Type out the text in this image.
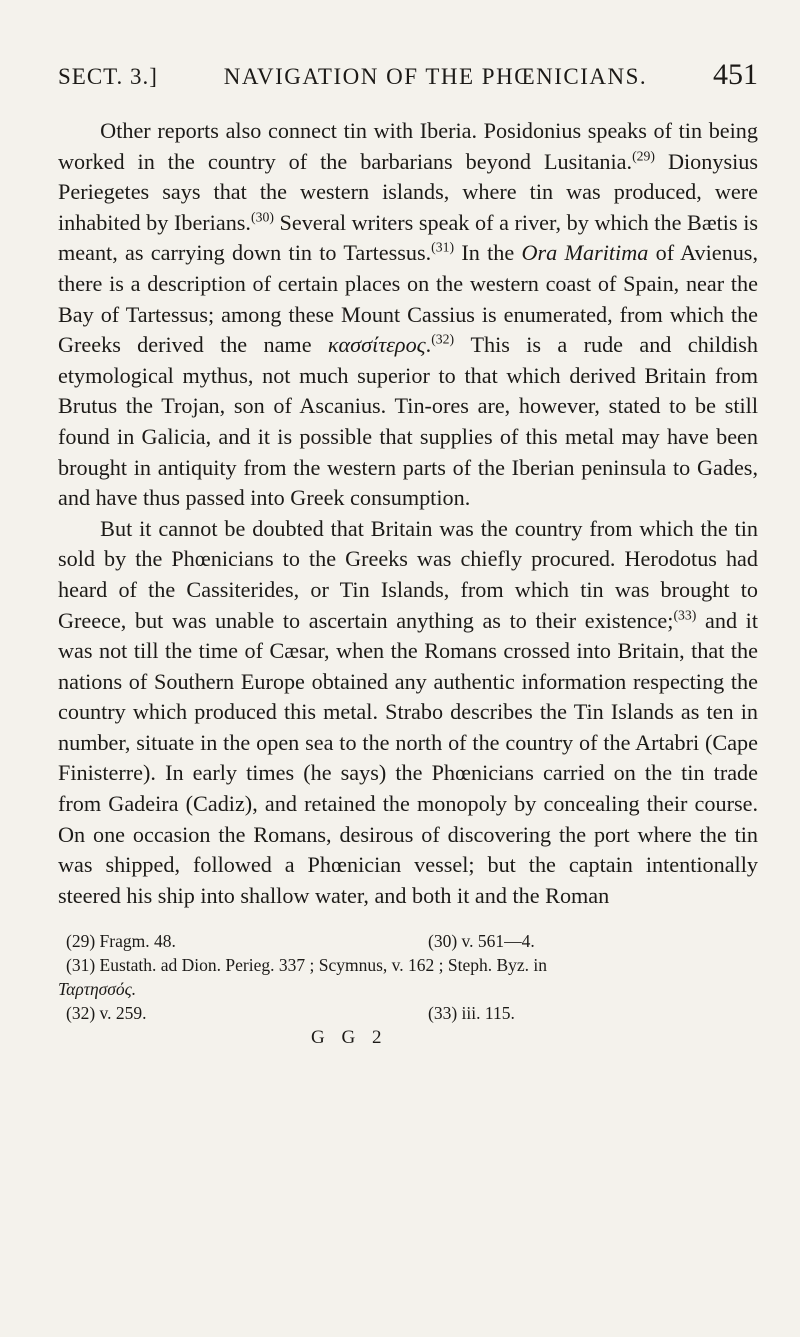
SECT. 3.]	NAVIGATION OF THE PHŒNICIANS. 451

Other reports also connect tin with Iberia. Posidonius speaks of tin being worked in the country of the barbarians beyond Lusitania.$^{(29)}$ Dionysius Periegetes says that the western islands, where tin was produced, were inhabited by Iberians.$^{(30)}$ Several writers speak of a river, by which the Bætis is meant, as carrying down tin to Tartessus.$^{(31)}$ In the Ora Maritima of Avienus, there is a description of certain places on the western coast of Spain, near the Bay of Tartessus; among these Mount Cassius is enumerated, from which the Greeks derived the name κασσίτερος.$^{(32)}$ This is a rude and childish etymological mythus, not much superior to that which derived Britain from Brutus the Trojan, son of Ascanius. Tin-ores are, however, stated to be still found in Galicia, and it is possible that supplies of this metal may have been brought in antiquity from the western parts of the Iberian peninsula to Gades, and have thus passed into Greek consumption.

But it cannot be doubted that Britain was the country from which the tin sold by the Phœnicians to the Greeks was chiefly procured. Herodotus had heard of the Cassiterides, or Tin Islands, from which tin was brought to Greece, but was unable to ascertain anything as to their existence;$^{(33)}$ and it was not till the time of Cæsar, when the Romans crossed into Britain, that the nations of Southern Europe obtained any authentic information respecting the country which produced this metal. Strabo describes the Tin Islands as ten in number, situate in the open sea to the north of the country of the Artabri (Cape Finisterre). In early times (he says) the Phœnicians carried on the tin trade from Gadeira (Cadiz), and retained the monopoly by concealing their course. On one occasion the Romans, desirous of discovering the port where the tin was shipped, followed a Phœnician vessel; but the captain intentionally steered his ship into shallow water, and both it and the Roman

(29) Fragm. 48.	(30) v. 561—4.
(31) Eustath. ad Dion. Perieg. 337 ; Scymnus, v. 162 ; Steph. Byz. in
Ταρτησσός.
(32) v. 259.	(33) iii. 115.
G G 2
